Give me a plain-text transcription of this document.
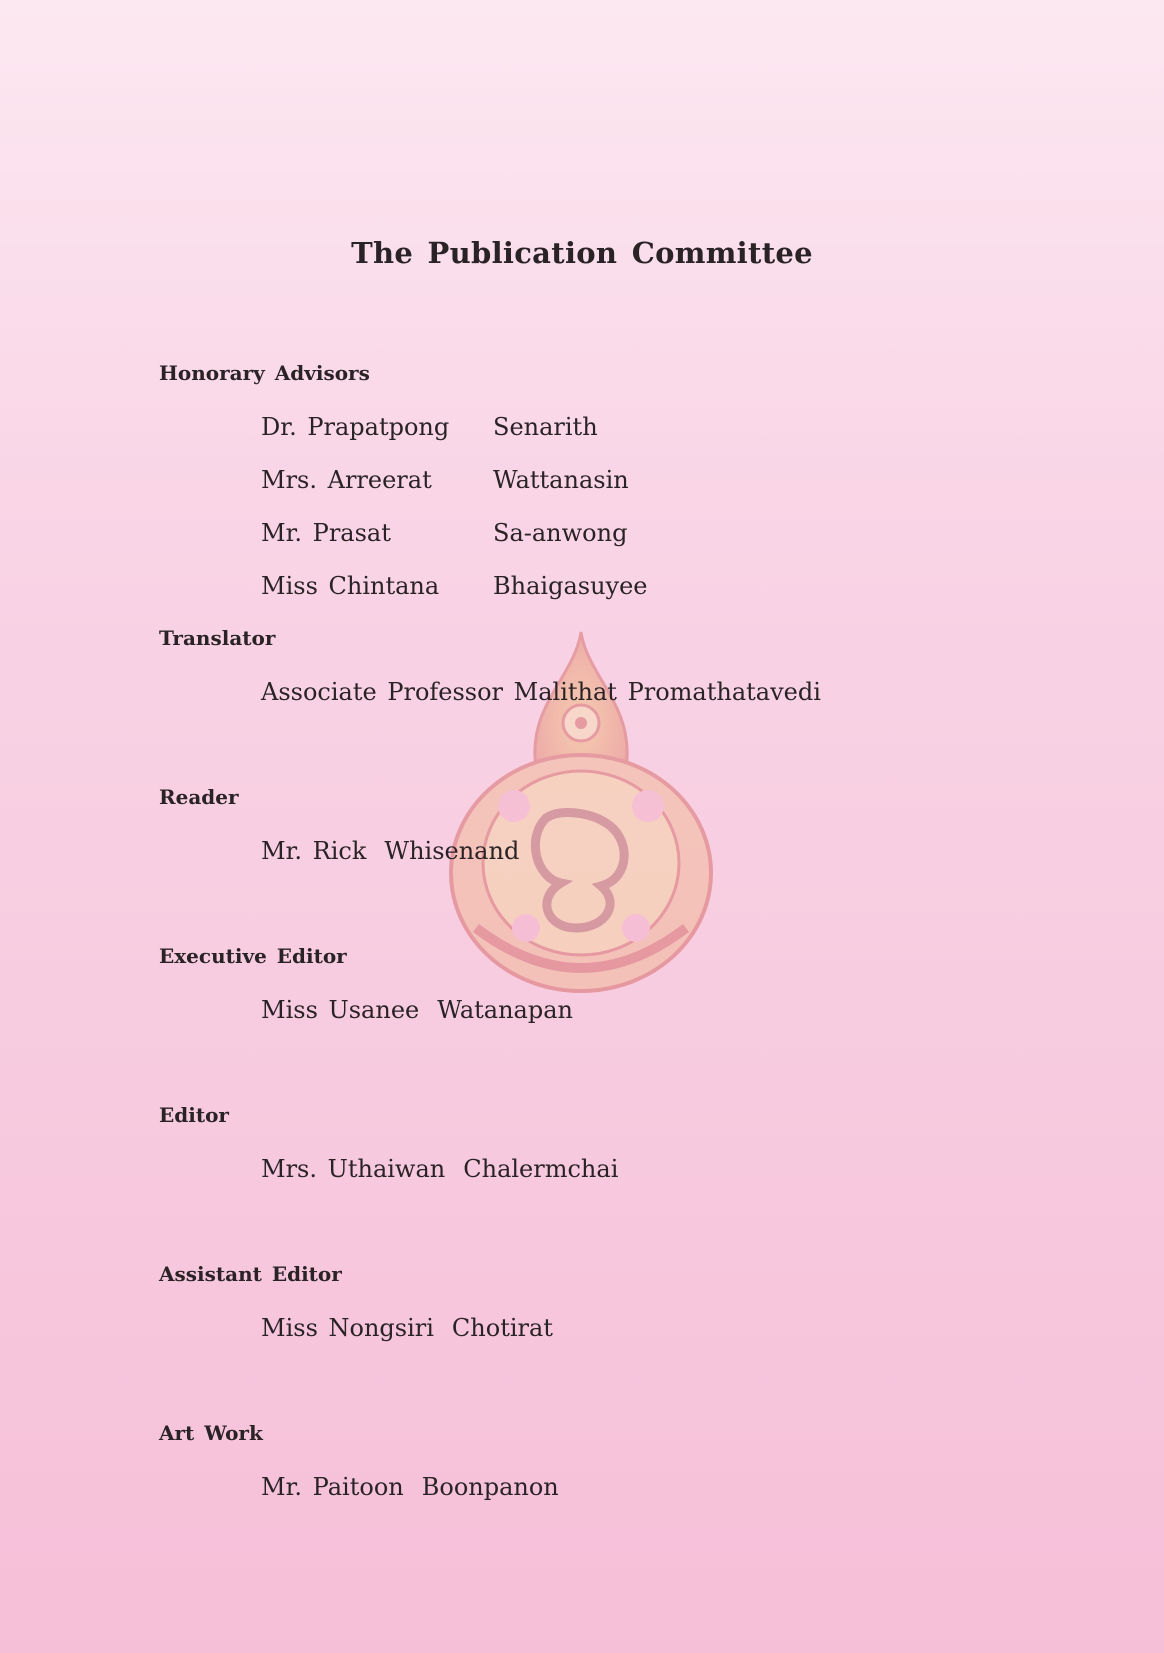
The Publication Committee
Honorary Advisors
Dr. Prapatpong Senarith
Mrs. Arreerat	Wattanasin
Mr. Prasat	Sa-anwong
Miss Chintana Bhaigasuyee
Translator
Associate Professor Malithat Promathatavedi
Reader
Mr. Rick Whisenand
Executive Editor
Miss Usanee Watanapan
Editor
Mrs. Uthaiwan Chalermchai
Assistant Editor
Miss Nongsiri Chotirat
Art Work
Mr. Paitoon Boonpanon
